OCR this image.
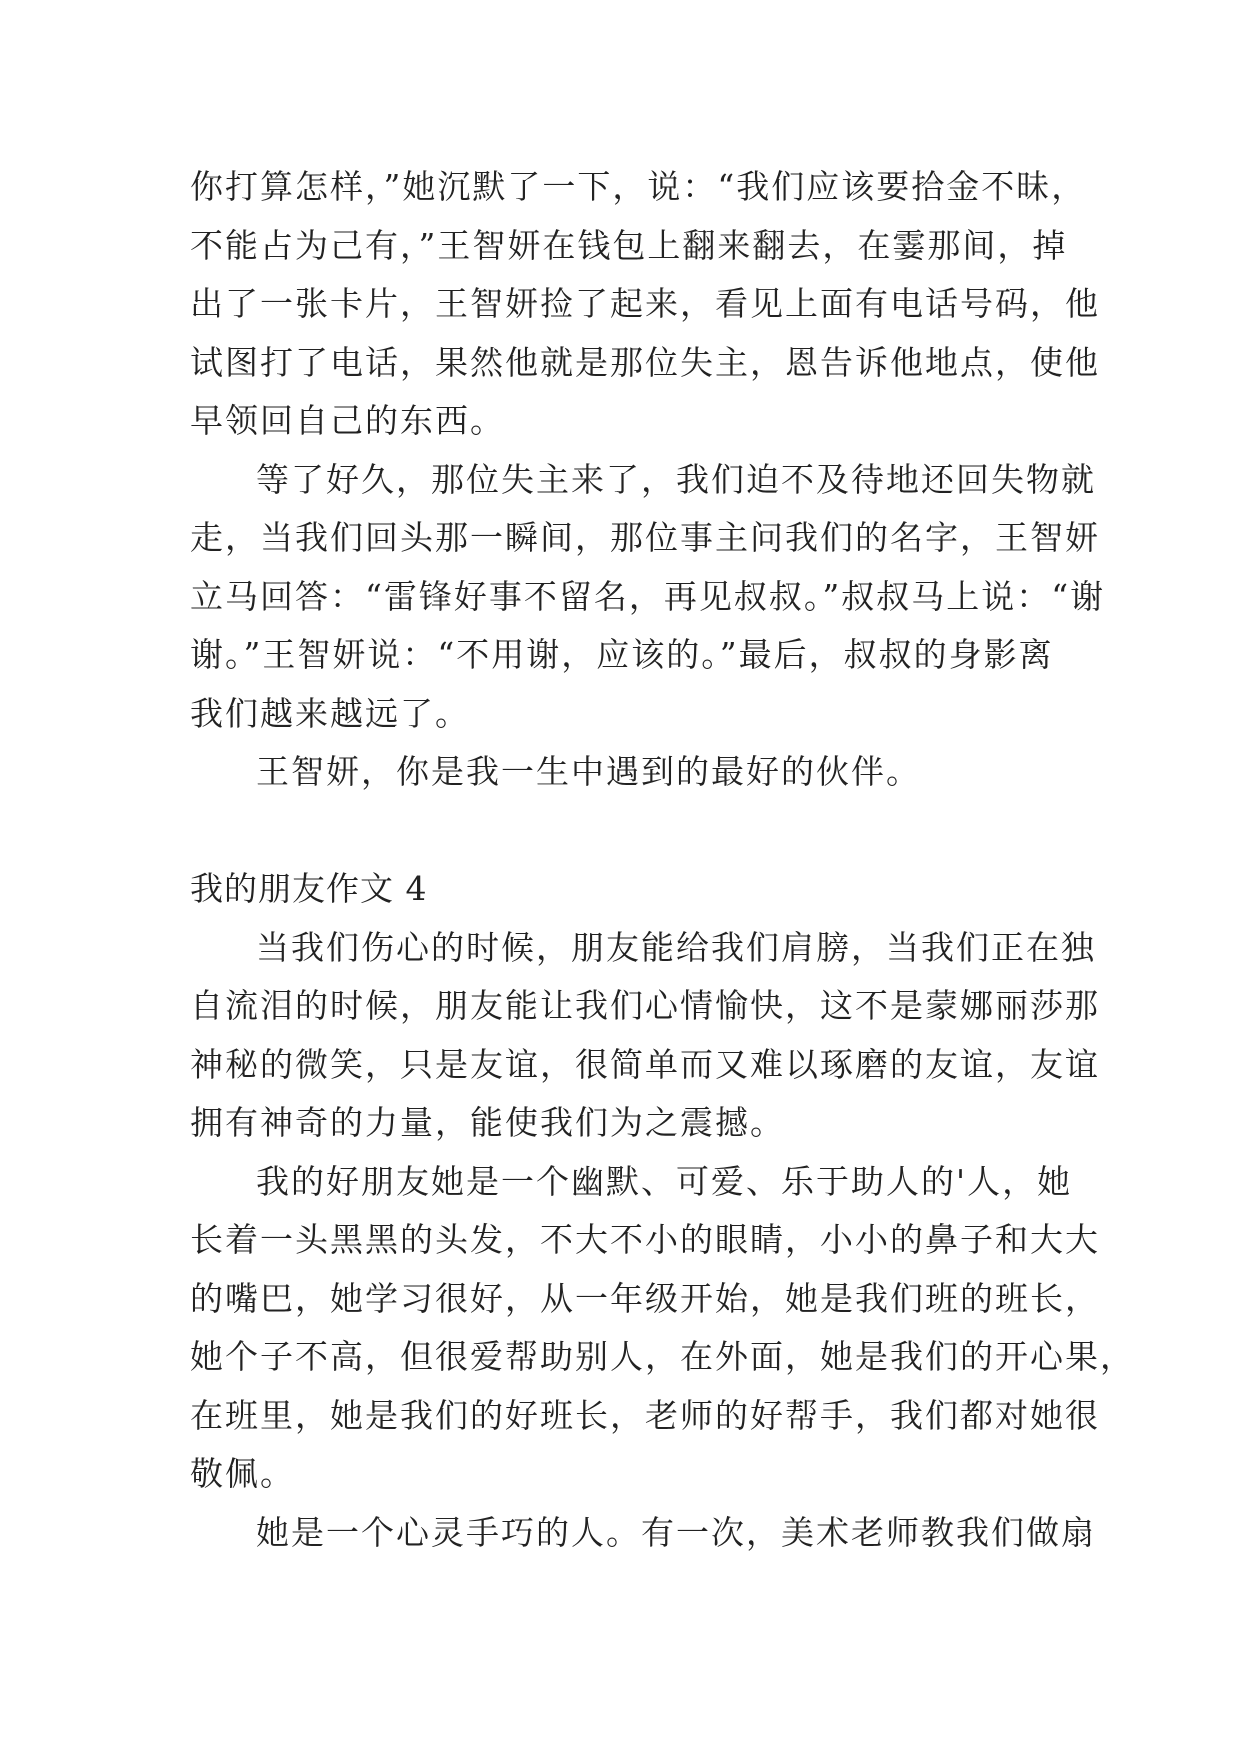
你打算怎样，”她沉默了一下，说：“我们应该要拾金不昧，
不能占为己有，”王智妍在钱包上翻来翻去，在霎那间，掉
出了一张卡片，王智妍捡了起来，看见上面有电话号码，他
试图打了电话，果然他就是那位失主，恩告诉他地点，使他
早领回自己的东西。
等了好久，那位失主来了，我们迫不及待地还回失物就
走，当我们回头那一瞬间，那位事主问我们的名字，王智妍
立马回答：“雷锋好事不留名，再见叔叔。”叔叔马上说：“谢
谢。”王智妍说：“不用谢，应该的。”最后，叔叔的身影离
我们越来越远了。
王智妍，你是我一生中遇到的最好的伙伴。
我的朋友作文 4
当我们伤心的时候，朋友能给我们肩膀，当我们正在独
自流泪的时候，朋友能让我们心情愉快，这不是蒙娜丽莎那
神秘的微笑，只是友谊，很简单而又难以琢磨的友谊，友谊
拥有神奇的力量，能使我们为之震撼。
我的好朋友她是一个幽默、可爱、乐于助人的'人，她
长着一头黑黑的头发，不大不小的眼睛，小小的鼻子和大大
的嘴巴，她学习很好，从一年级开始，她是我们班的班长，
她个子不高，但很爱帮助别人，在外面，她是我们的开心果，
在班里，她是我们的好班长，老师的好帮手，我们都对她很
敬佩。
她是一个心灵手巧的人。有一次，美术老师教我们做扇
